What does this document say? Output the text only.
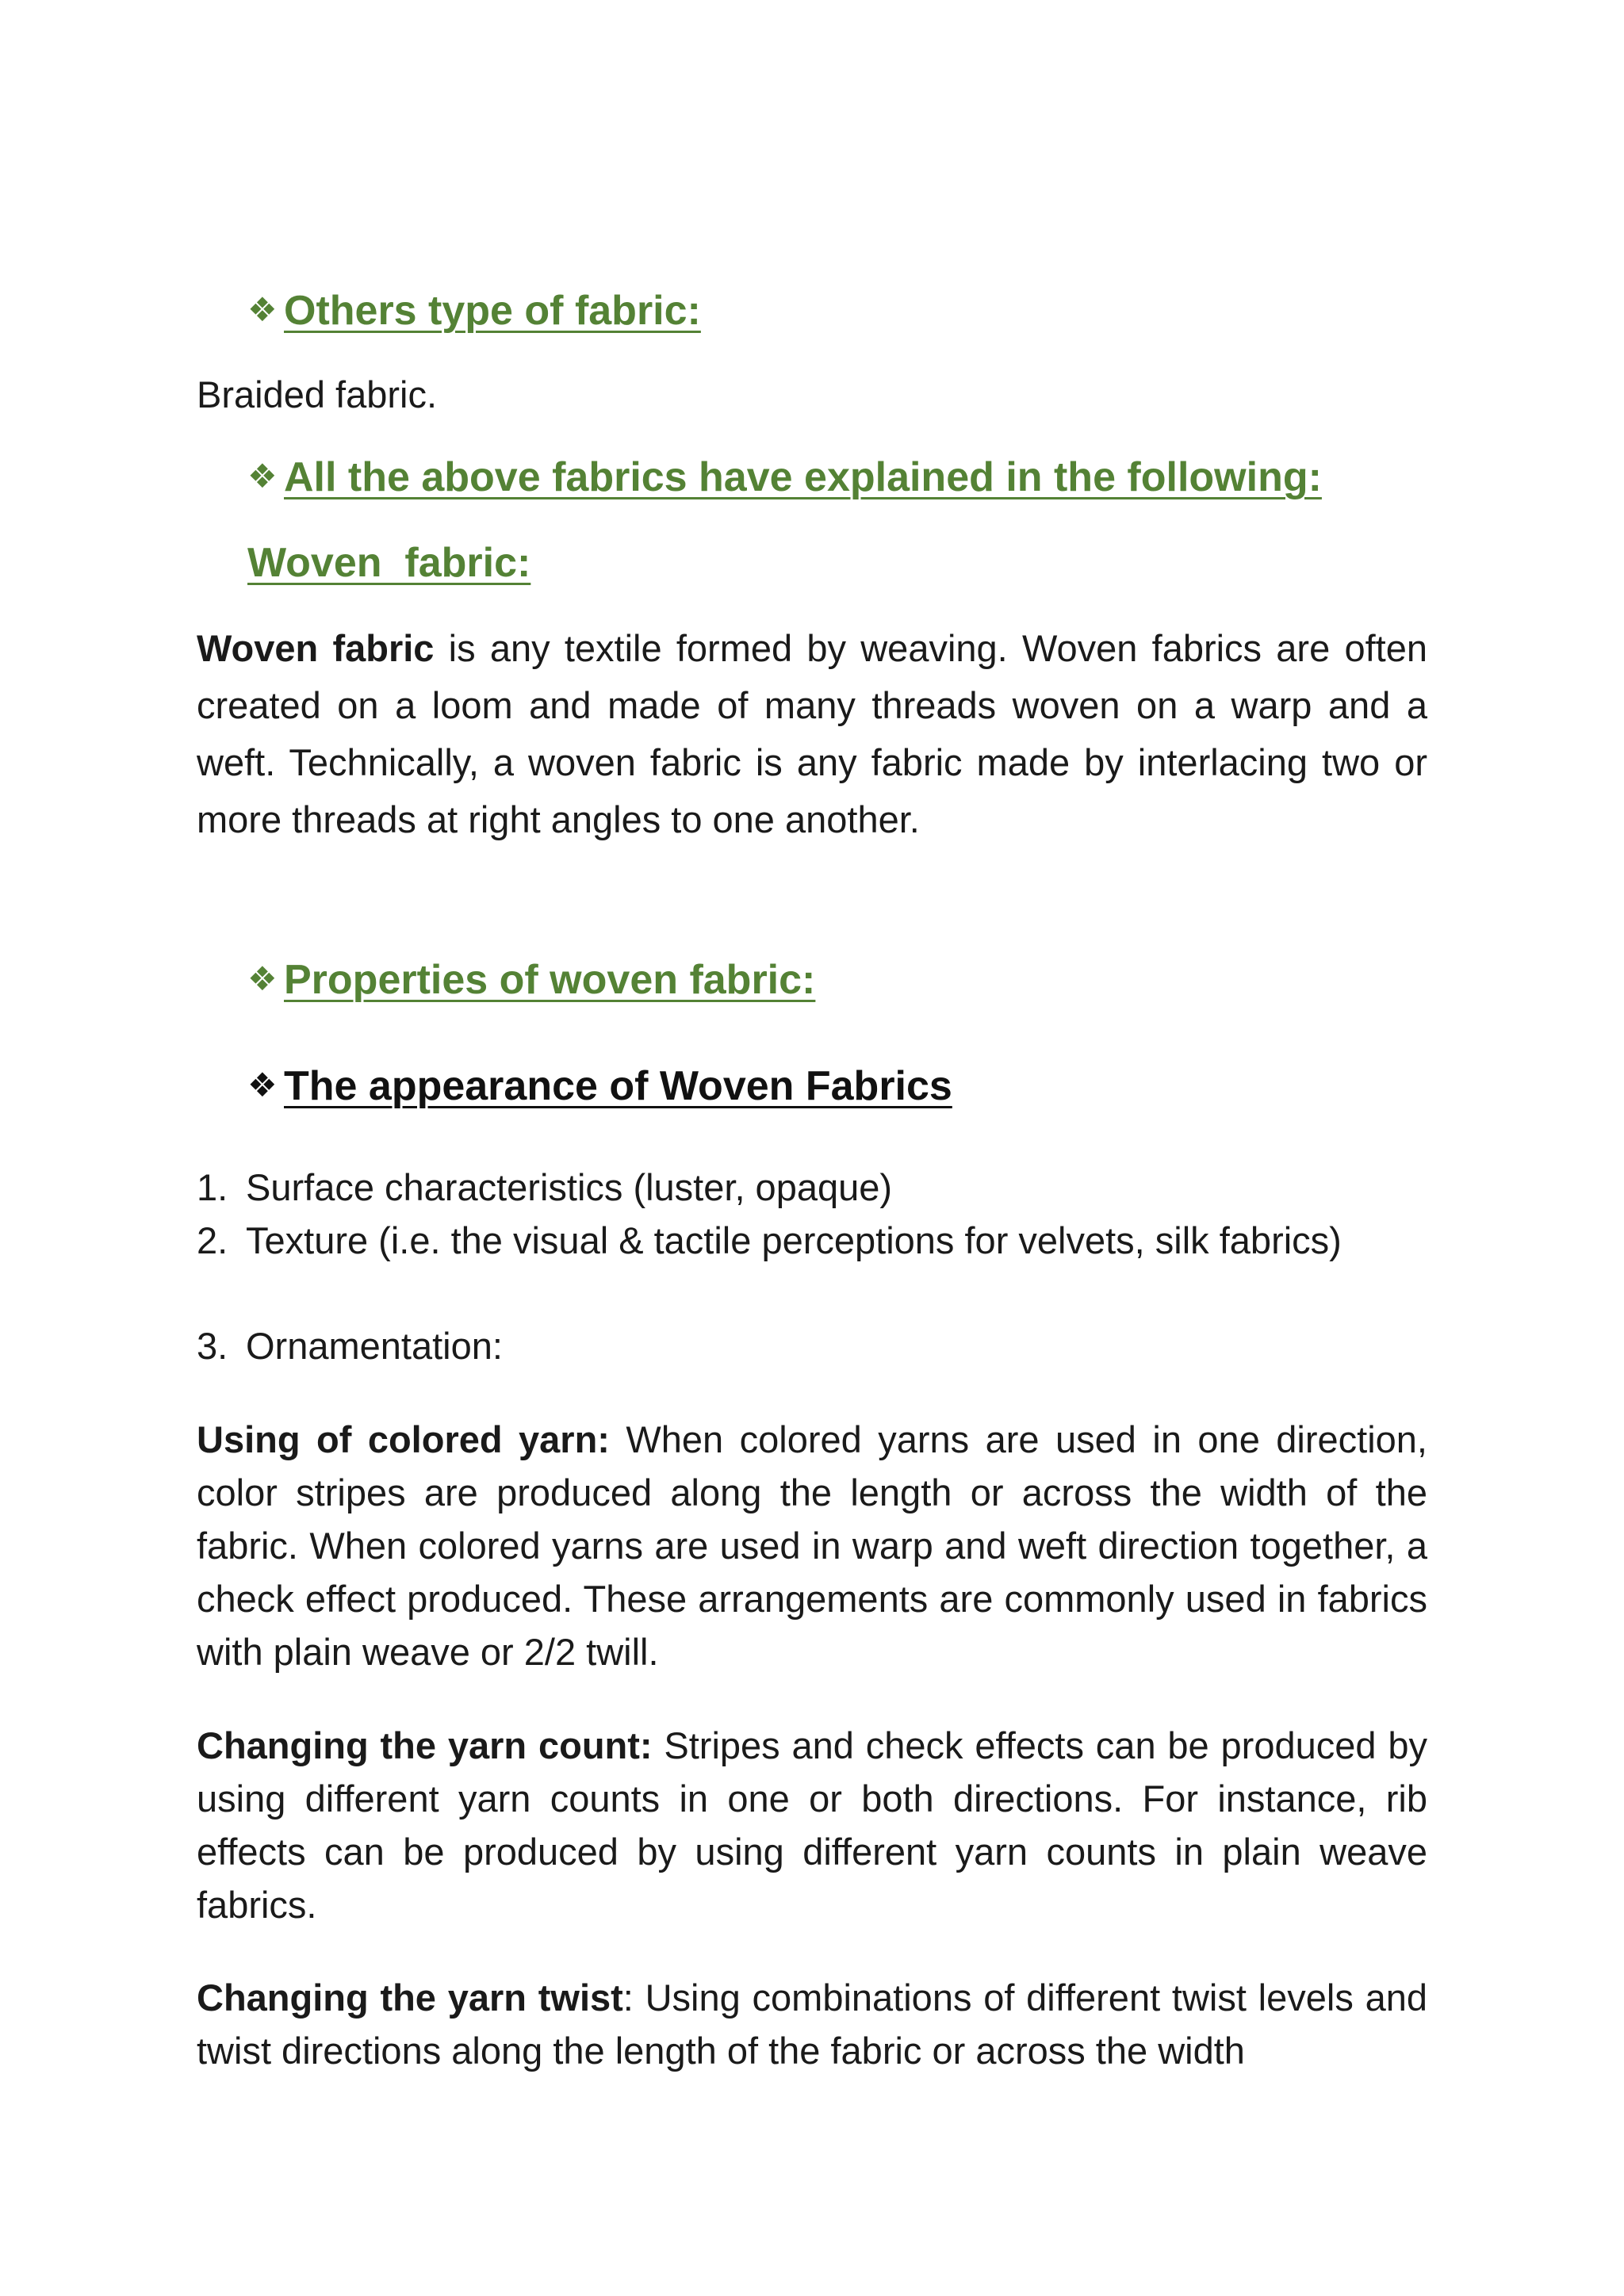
❖ Others type of fabric:
Braided fabric.
❖ All the above fabrics have explained in the following:
Woven  fabric:

Woven fabric is any textile formed by weaving. Woven fabrics are often created on a loom and made of many threads woven on a warp and a weft. Technically, a woven fabric is any fabric made by interlacing two or more threads at right angles to one another.

❖ Properties of woven fabric:
❖ The appearance of Woven Fabrics
1. Surface characteristics (luster, opaque)
2. Texture (i.e. the visual & tactile perceptions for velvets, silk fabrics)
3. Ornamentation:

Using of colored yarn: When colored yarns are used in one direction, color stripes are produced along the length or across the width of the fabric. When colored yarns are used in warp and weft direction together, a check effect produced. These arrangements are commonly used in fabrics with plain weave or 2/2 twill.

Changing the yarn count: Stripes and check effects can be produced by using different yarn counts in one or both directions. For instance, rib effects can be produced by using different yarn counts in plain weave fabrics.

Changing the yarn twist: Using combinations of different twist levels and twist directions along the length of the fabric or across the width
